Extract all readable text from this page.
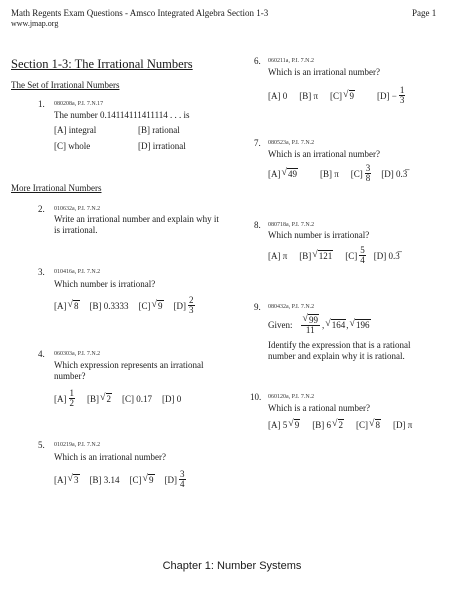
Math Regents Exam Questions - Amsco Integrated Algebra Section 1-3	Page 1
www.jmap.org
Section 1-3: The Irrational Numbers
The Set of Irrational Numbers
1. 080208a, P.I. 7.N.17
The number 0.14114111411114 . . . is
[A] integral	[B] rational
[C] whole	[D] irrational
More Irrational Numbers
2. 010632a, P.I. 7.N.2
Write an irrational number and explain why it
is irrational.
3. 010416a, P.I. 7.N.2
Which number is irrational?
[A] √ 8 [B] 0.3333 [C] √ 9 $[D] \frac{2}{3}$
4. 060303a, P.I. 7.N.2
Which expression represents an irrational
number?
$[A] \frac{1}{2} [B]$ √ 2 [C] 0.17 [D] 0
5. 010219a, P.I. 7.N.2
Which is an irrational number?
[A] √ 3 [B] 3.14 [C] √ 9 $[D] \frac{3}{4}$
6. 060211a, P.I. 7.N.2
Which is an irrational number?
[A] 0 [B] π [C] √ 9	$[D] - \frac{1}{3}$
7. 080523a, P.I. 7.N.2
Which is an irrational number?
[A] √ 49	[B] π $[C] \frac{3}{8} [D]$ 0.3̅
8. 080718a, P.I. 7.N.2
Which number is irrational?
[A] π [B] √ 121 $[C] \frac{5}{4} [D]$ 0.3̅
9. 080432a, P.I. 7.N.2
Given: $\frac{√ 99}{11}$ , √ 164 , √ 196
Identify the expression that is a rational
number and explain why it is rational.
10. 060120a, P.I. 7.N.2
Which is a rational number?
[A] 5 √ 9 [B] 6 √ 2 [C] √ 8 [D] π
Chapter 1: Number Systems
